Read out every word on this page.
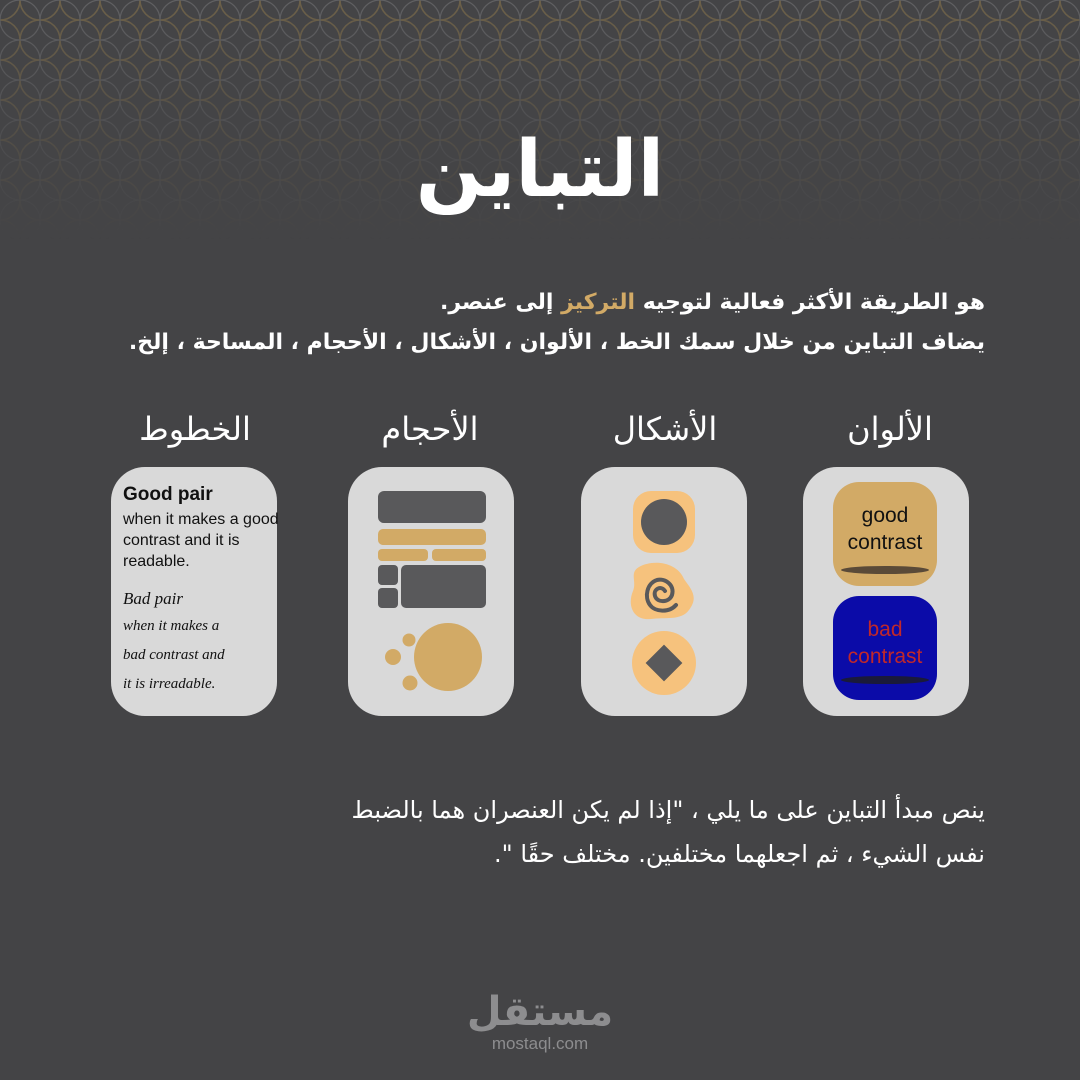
التباين
هو الطريقة الأكثر فعالية لتوجيه التركيز إلى عنصر.
يضاف التباين من خلال سمك الخط ، الألوان ، الأشكال ، الأحجام ، المساحة ، إلخ.
الخطوط	الأحجام	الأشكال	الألوان
Good pair
when it makes a good contrast and it is readable.
Bad pair
when it makes a
bad contrast and
it is irreadable.
good contrast
bad contrast
ينص مبدأ التباين على ما يلي ، "إذا لم يكن العنصران هما بالضبط
نفس الشيء ، ثم اجعلهما مختلفين. مختلف حقًا ".
مستقل
mostaql.com
